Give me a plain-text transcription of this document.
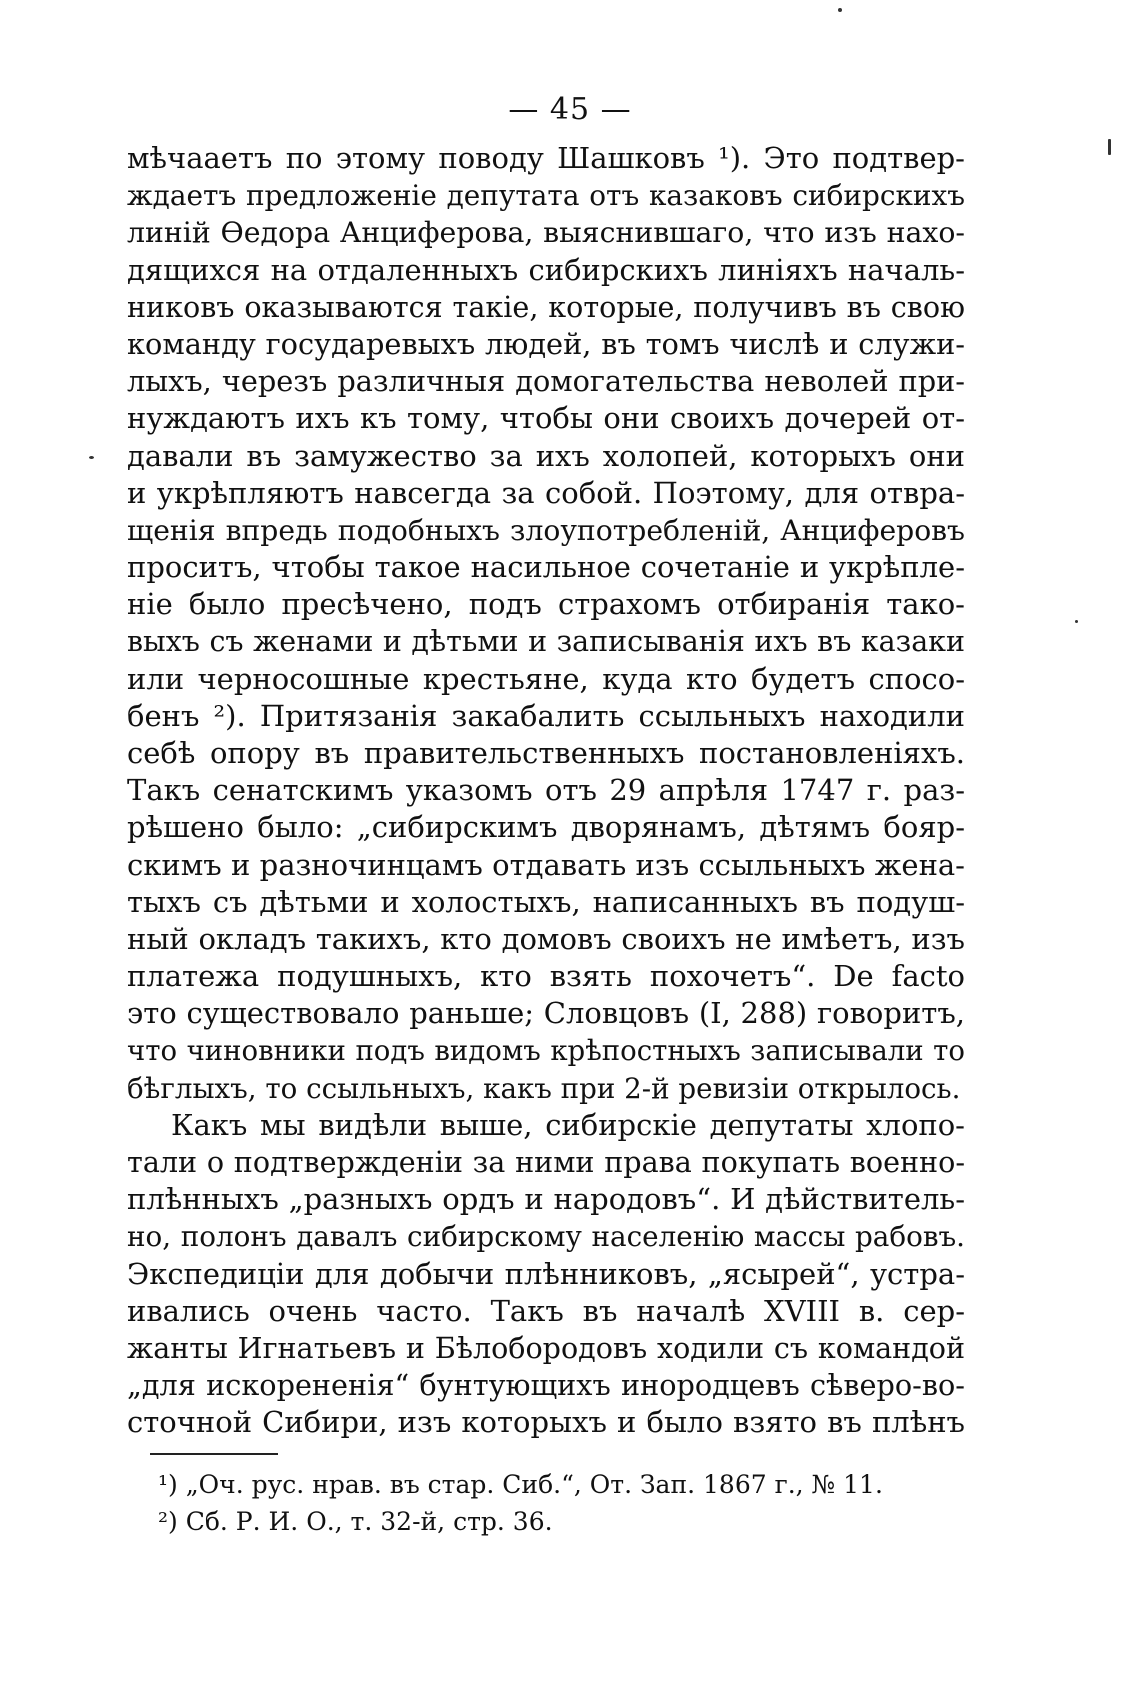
— 45 —
мѣчааетъ по этому поводу Шашковъ ¹). Это подтвер-
ждаетъ предложеніе депутата отъ казаковъ сибирскихъ
линій Ѳедора Анциферова, выяснившаго, что изъ нахо-
дящихся на отдаленныхъ сибирскихъ линіяхъ началь-
никовъ оказываются такіе, которые, получивъ въ свою
команду государевыхъ людей, въ томъ числѣ и служи-
лыхъ, черезъ различныя домогательства неволей при-
нуждаютъ ихъ къ тому, чтобы они своихъ дочерей от-
давали въ замужество за ихъ холопей, которыхъ они
и укрѣпляютъ навсегда за собой. Поэтому, для отвра-
щенія впредь подобныхъ злоупотребленій, Анциферовъ
проситъ, чтобы такое насильное сочетаніе и укрѣпле-
ніе было пресѣчено, подъ страхомъ отбиранія тако-
выхъ съ женами и дѣтьми и записыванія ихъ въ казаки
или черносошные крестьяне, куда кто будетъ спосо-
бенъ ²). Притязанія закабалить ссыльныхъ находили
себѣ опору въ правительственныхъ постановленіяхъ.
Такъ сенатскимъ указомъ отъ 29 апрѣля 1747 г. раз-
рѣшено было: „сибирскимъ дворянамъ, дѣтямъ бояр-
скимъ и разночинцамъ отдавать изъ ссыльныхъ жена-
тыхъ съ дѣтьми и холостыхъ, написанныхъ въ подуш-
ный окладъ такихъ, кто домовъ своихъ не имѣетъ, изъ
платежа подушныхъ, кто взять похочетъ“. De facto
это существовало раньше; Словцовъ (I, 288) говоритъ,
что чиновники подъ видомъ крѣпостныхъ записывали то
бѣглыхъ, то ссыльныхъ, какъ при 2-й ревизіи открылось.
Какъ мы видѣли выше, сибирскіе депутаты хлопо-
тали о подтвержденіи за ними права покупать военно-
плѣнныхъ „разныхъ ордъ и народовъ“. И дѣйствитель-
но, полонъ давалъ сибирскому населенію массы рабовъ.
Экспедиціи для добычи плѣнниковъ, „ясырей“, устра-
ивались очень часто. Такъ въ началѣ XVIII в. сер-
жанты Игнатьевъ и Бѣлобородовъ ходили съ командой
„для искорененія“ бунтующихъ инородцевъ сѣверо-во-
сточной Сибири, изъ которыхъ и было взято въ плѣнъ
¹) „Оч. рус. нрав. въ стар. Сиб.“, От. Зап. 1867 г., № 11.
²) Сб. Р. И. О., т. 32-й, стр. 36.
